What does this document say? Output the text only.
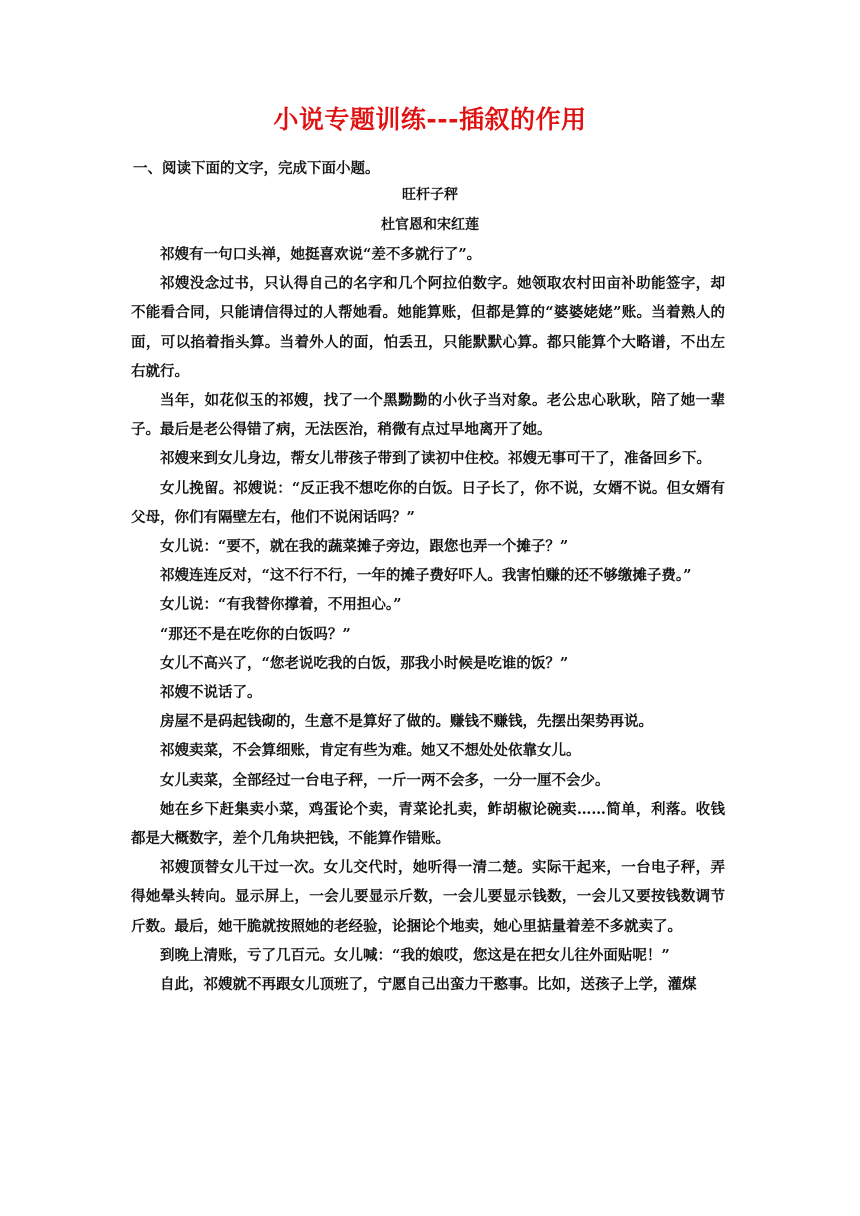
小说专题训练---插叙的作用
一、阅读下面的文字，完成下面小题。
旺杆子秤
杜官恩和宋红莲

祁嫂有一句口头禅，她挺喜欢说“差不多就行了”。

祁嫂没念过书，只认得自己的名字和几个阿拉伯数字。她领取农村田亩补助能签字，却不能看合同，只能请信得过的人帮她看。她能算账，但都是算的“婆婆姥姥”账。当着熟人的面，可以掐着指头算。当着外人的面，怕丢丑，只能默默心算。都只能算个大略谱，不出左右就行。

当年，如花似玉的祁嫂，找了一个黑黝黝的小伙子当对象。老公忠心耿耿，陪了她一辈子。最后是老公得错了病，无法医治，稍微有点过早地离开了她。

祁嫂来到女儿身边，帮女儿带孩子带到了读初中住校。祁嫂无事可干了，准备回乡下。

女儿挽留。祁嫂说：“反正我不想吃你的白饭。日子长了，你不说，女婿不说。但女婿有父母，你们有隔壁左右，他们不说闲话吗？”

女儿说：“要不，就在我的蔬菜摊子旁边，跟您也弄一个摊子？”

祁嫂连连反对，“这不行不行，一年的摊子费好吓人。我害怕赚的还不够缴摊子费。”

女儿说：“有我替你撑着，不用担心。”

“那还不是在吃你的白饭吗？”

女儿不高兴了，“您老说吃我的白饭，那我小时候是吃谁的饭？”

祁嫂不说话了。

房屋不是码起钱砌的，生意不是算好了做的。赚钱不赚钱，先摆出架势再说。

祁嫂卖菜，不会算细账，肯定有些为难。她又不想处处依靠女儿。

女儿卖菜，全部经过一台电子秤，一斤一两不会多，一分一厘不会少。

她在乡下赶集卖小菜，鸡蛋论个卖，青菜论扎卖，鲊胡椒论碗卖……简单，利落。收钱都是大概数字，差个几角块把钱，不能算作错账。

祁嫂顶替女儿干过一次。女儿交代时，她听得一清二楚。实际干起来，一台电子秤，弄得她晕头转向。显示屏上，一会儿要显示斤数，一会儿要显示钱数，一会儿又要按钱数调节斤数。最后，她干脆就按照她的老经验，论捆论个地卖，她心里掂量着差不多就卖了。

到晚上清账，亏了几百元。女儿喊：“我的娘哎，您这是在把女儿往外面贴呢！”

自此，祁嫂就不再跟女儿顶班了，宁愿自己出蛮力干憨事。比如，送孩子上学，灌煤
